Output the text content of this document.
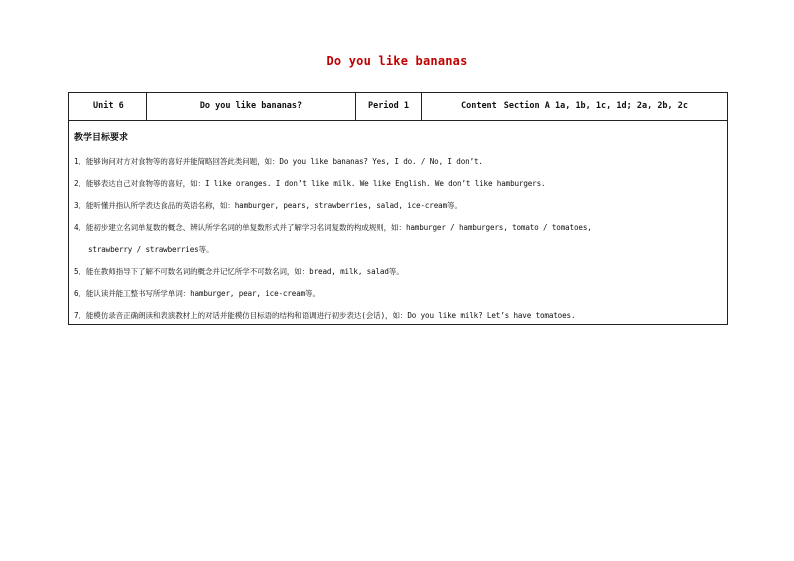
Do you like bananas
Unit 6	Do you like bananas?	Period 1	Content Section A 1a, 1b, 1c, 1d; 2a, 2b, 2c
教学目标要求
1．能够询问对方对食物等的喜好并能简略回答此类问题，如：Do you like bananas? Yes, I do. / No, I don’t.
2．能够表达自己对食物等的喜好，如：I like oranges. I don’t like milk. We like English. We don’t like hamburgers.
3．能听懂并指认所学表达食品的英语名称，如：hamburger, pears, strawberries, salad, ice-cream等。
4．能初步建立名词单复数的概念、辨认所学名词的单复数形式并了解学习名词复数的构成规则，如：hamburger / hamburgers, tomato / tomatoes,
strawberry / strawberries等。
5．能在教师指导下了解不可数名词的概念并记忆所学不可数名词，如：bread, milk, salad等。
6．能认读并能工整书写所学单词：hamburger, pear, ice-cream等。
7．能模仿录音正确朗读和表演教材上的对话并能模仿目标语的结构和语调进行初步表达(会话)，如：Do you like milk? Let’s have tomatoes.
